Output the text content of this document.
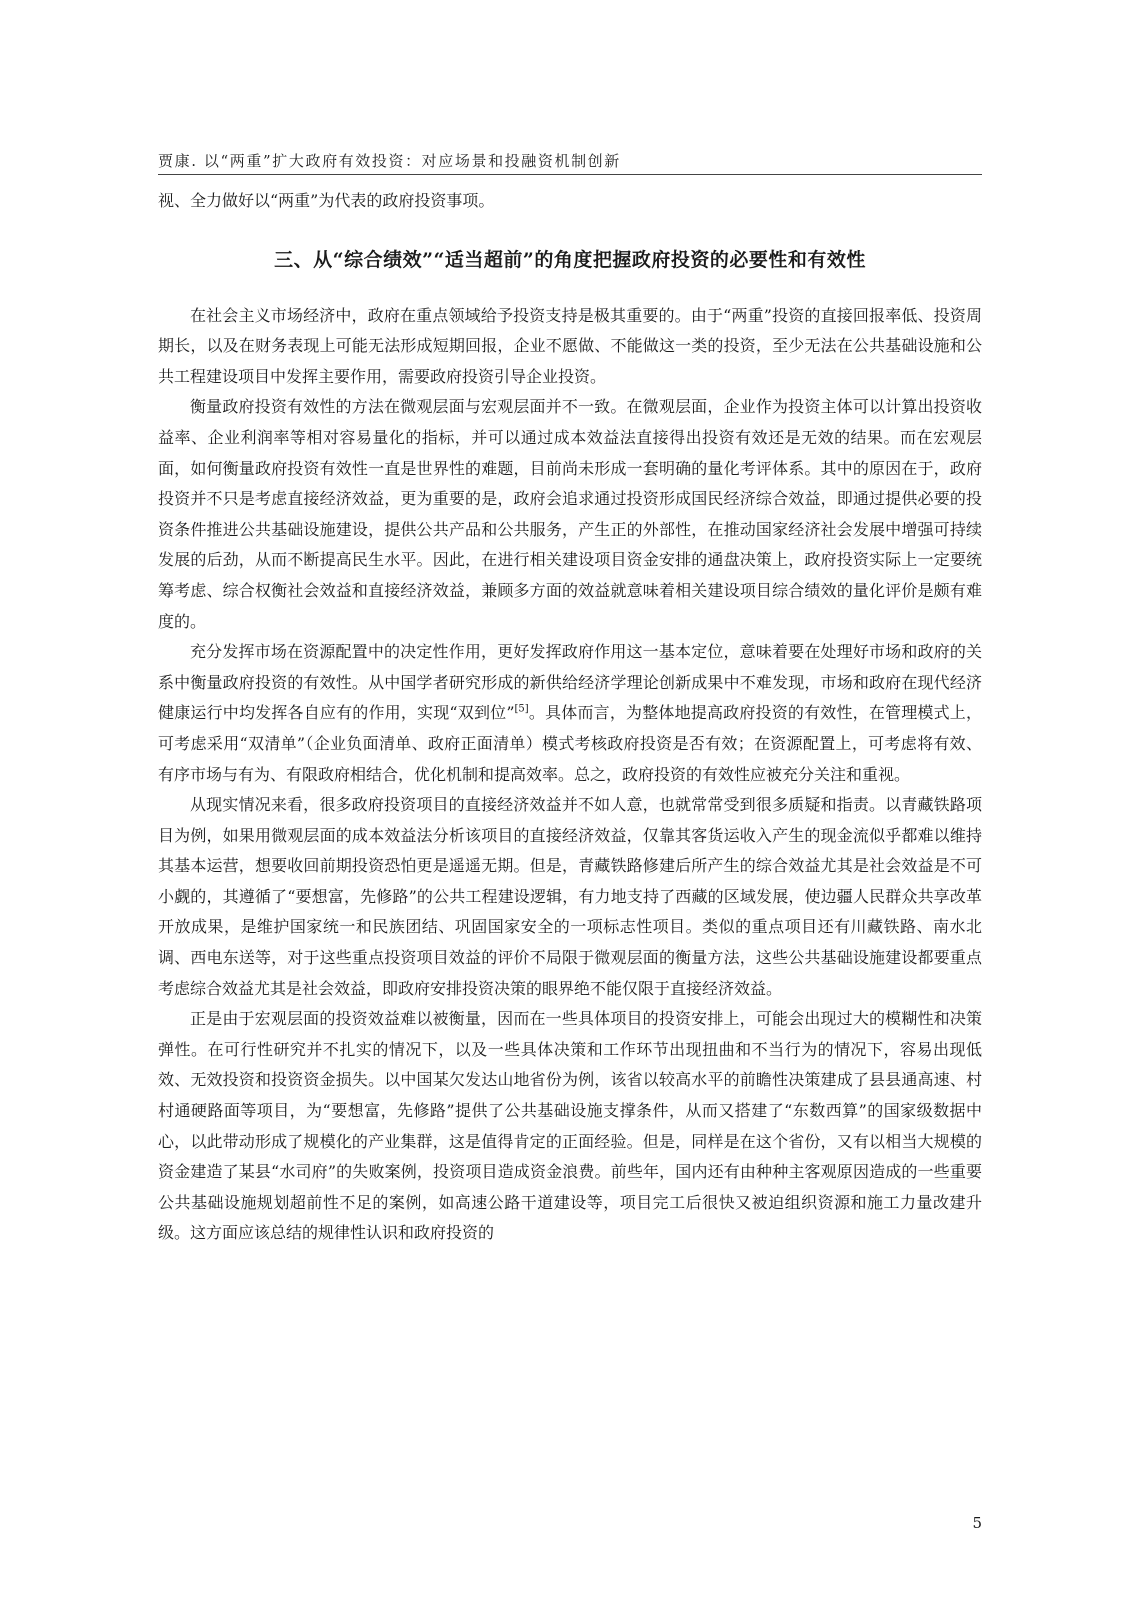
贾康. 以“两重”扩大政府有效投资：对应场景和投融资机制创新

视、全力做好以“两重”为代表的政府投资事项。

三、从“综合绩效”“适当超前”的角度把握政府投资的必要性和有效性

在社会主义市场经济中，政府在重点领域给予投资支持是极其重要的。由于“两重”投资的直接回报率低、投资周期长，以及在财务表现上可能无法形成短期回报，企业不愿做、不能做这一类的投资，至少无法在公共基础设施和公共工程建设项目中发挥主要作用，需要政府投资引导企业投资。

衡量政府投资有效性的方法在微观层面与宏观层面并不一致。在微观层面，企业作为投资主体可以计算出投资收益率、企业利润率等相对容易量化的指标，并可以通过成本效益法直接得出投资有效还是无效的结果。而在宏观层面，如何衡量政府投资有效性一直是世界性的难题，目前尚未形成一套明确的量化考评体系。其中的原因在于，政府投资并不只是考虑直接经济效益，更为重要的是，政府会追求通过投资形成国民经济综合效益，即通过提供必要的投资条件推进公共基础设施建设，提供公共产品和公共服务，产生正的外部性，在推动国家经济社会发展中增强可持续发展的后劲，从而不断提高民生水平。因此，在进行相关建设项目资金安排的通盘决策上，政府投资实际上一定要统筹考虑、综合权衡社会效益和直接经济效益，兼顾多方面的效益就意味着相关建设项目综合绩效的量化评价是颇有难度的。

充分发挥市场在资源配置中的决定性作用，更好发挥政府作用这一基本定位，意味着要在处理好市场和政府的关系中衡量政府投资的有效性。从中国学者研究形成的新供给经济学理论创新成果中不难发现，市场和政府在现代经济健康运行中均发挥各自应有的作用，实现“双到位”[5]。具体而言，为整体地提高政府投资的有效性，在管理模式上，可考虑采用“双清单”（企业负面清单、政府正面清单）模式考核政府投资是否有效；在资源配置上，可考虑将有效、有序市场与有为、有限政府相结合，优化机制和提高效率。总之，政府投资的有效性应被充分关注和重视。

从现实情况来看，很多政府投资项目的直接经济效益并不如人意，也就常常受到很多质疑和指责。以青藏铁路项目为例，如果用微观层面的成本效益法分析该项目的直接经济效益，仅靠其客货运收入产生的现金流似乎都难以维持其基本运营，想要收回前期投资恐怕更是遥遥无期。但是，青藏铁路修建后所产生的综合效益尤其是社会效益是不可小觑的，其遵循了“要想富，先修路”的公共工程建设逻辑，有力地支持了西藏的区域发展，使边疆人民群众共享改革开放成果，是维护国家统一和民族团结、巩固国家安全的一项标志性项目。类似的重点项目还有川藏铁路、南水北调、西电东送等，对于这些重点投资项目效益的评价不局限于微观层面的衡量方法，这些公共基础设施建设都要重点考虑综合效益尤其是社会效益，即政府安排投资决策的眼界绝不能仅限于直接经济效益。

正是由于宏观层面的投资效益难以被衡量，因而在一些具体项目的投资安排上，可能会出现过大的模糊性和决策弹性。在可行性研究并不扎实的情况下，以及一些具体决策和工作环节出现扭曲和不当行为的情况下，容易出现低效、无效投资和投资资金损失。以中国某欠发达山地省份为例，该省以较高水平的前瞻性决策建成了县县通高速、村村通硬路面等项目，为“要想富，先修路”提供了公共基础设施支撑条件，从而又搭建了“东数西算”的国家级数据中心，以此带动形成了规模化的产业集群，这是值得肯定的正面经验。但是，同样是在这个省份，又有以相当大规模的资金建造了某县“水司府”的失败案例，投资项目造成资金浪费。前些年，国内还有由种种主客观原因造成的一些重要公共基础设施规划超前性不足的案例，如高速公路干道建设等，项目完工后很快又被迫组织资源和施工力量改建升级。这方面应该总结的规律性认识和政府投资的

5
